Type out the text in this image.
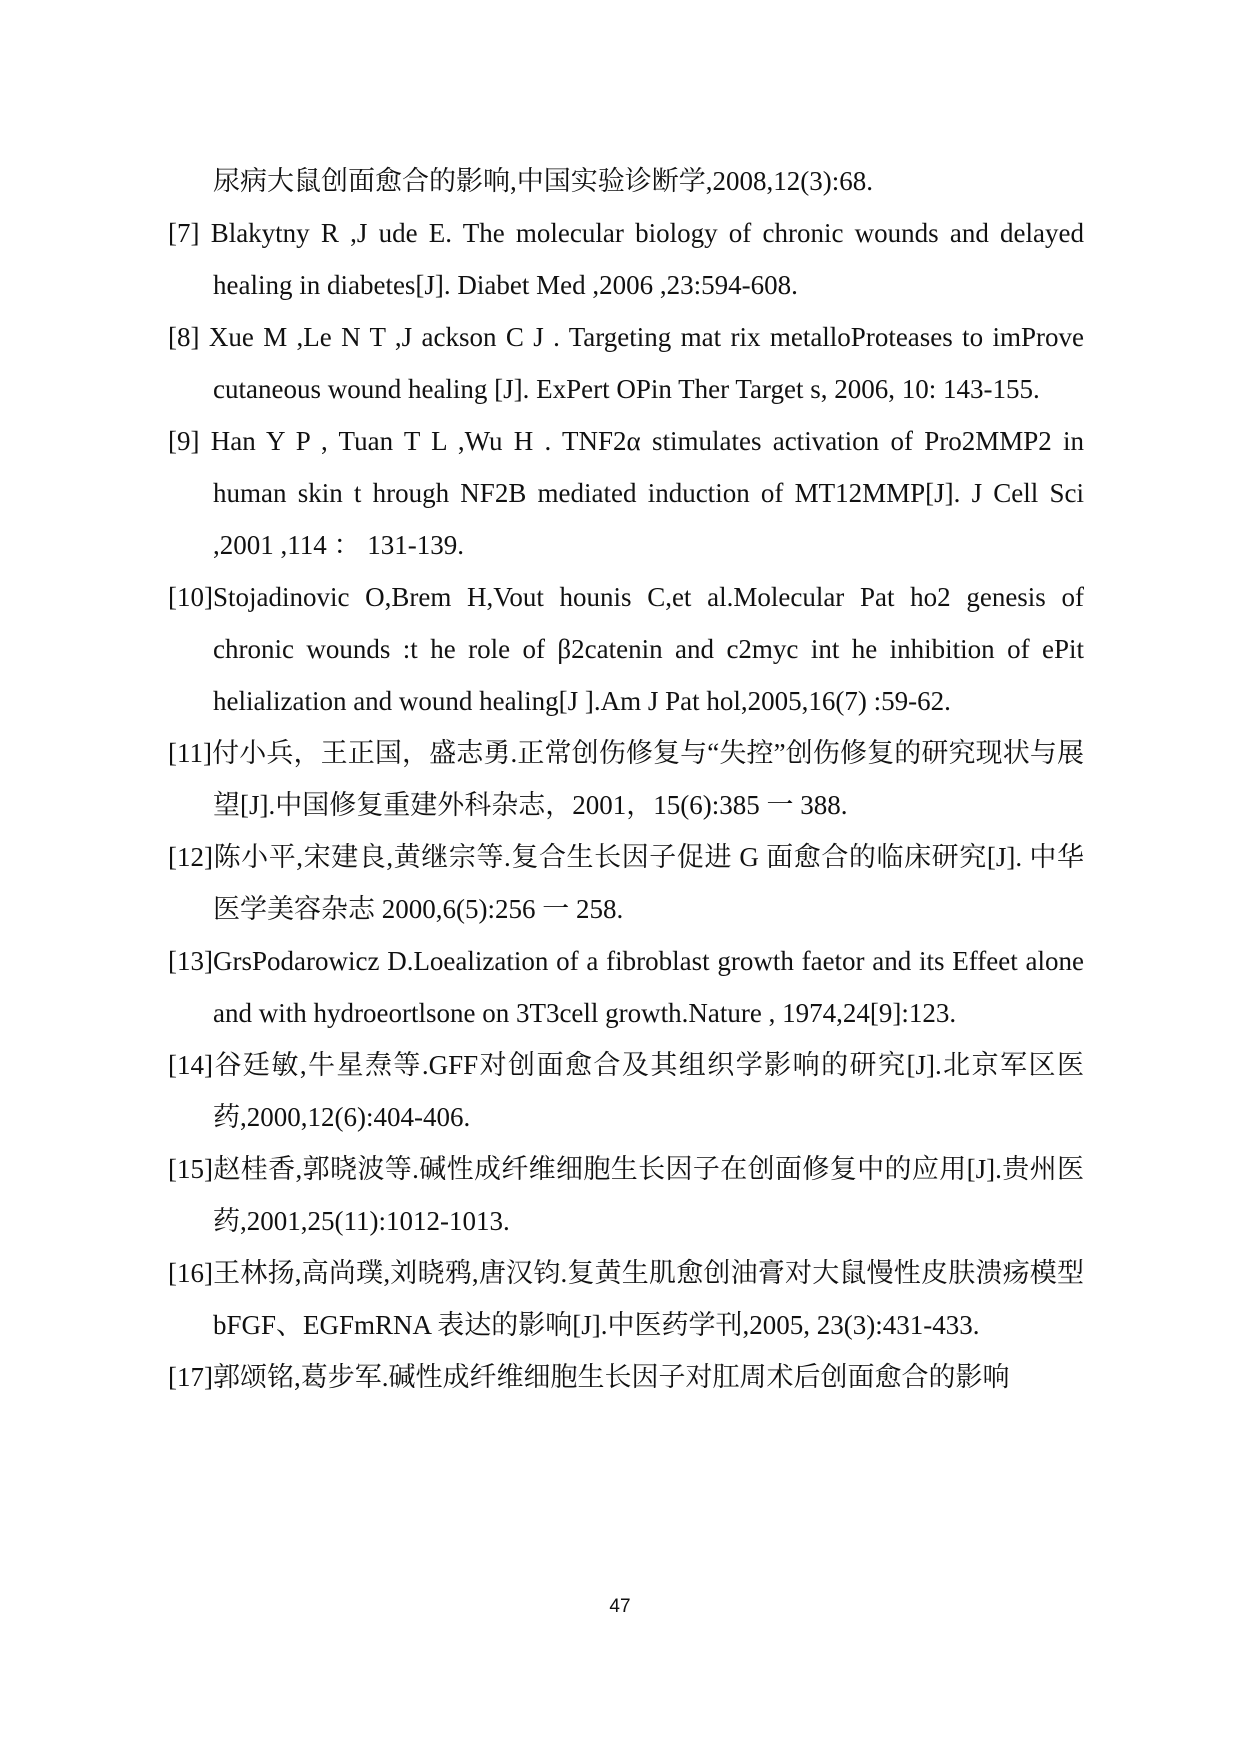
尿病大鼠创面愈合的影响,中国实验诊断学,2008,12(3):68.

[7] Blakytny R ,J ude E. The molecular biology of chronic wounds and delayed healing in diabetes[J]. Diabet Med ,2006 ,23:594-608.

[8] Xue M ,Le N T ,J ackson C J . Targeting mat rix metalloProteases to imProve cutaneous wound healing [J]. ExPert OPin Ther Target s, 2006, 10: 143-155.

[9] Han Y P , Tuan T L ,Wu H . TNF2α stimulates activation of Pro2MMP2 in human skin t hrough NF2B mediated induction of MT12MMP[J]. J Cell Sci ,2001 ,114 ： 131-139.

[10]Stojadinovic O,Brem H,Vout hounis C,et al.Molecular Pat ho2 genesis of chronic wounds :t he role of β2catenin and c2myc int he inhibition of ePit helialization and wound healing[J ].Am J Pat hol,2005,16(7) :59-62.

[11]付小兵，王正国，盛志勇.正常创伤修复与“失控”创伤修复的研究现状与展望[J].中国修复重建外科杂志，2001，15(6):385 一 388.

[12]陈小平,宋建良,黄继宗等.复合生长因子促进 G 面愈合的临床研究[J]. 中华医学美容杂志 2000,6(5):256 一 258.

[13]GrsPodarowicz D.Loealization of a fibroblast growth faetor and its Effeet alone and with hydroeortlsone on 3T3cell growth.Nature , 1974,24[9]:123.

[14]谷廷敏,牛星焘等.GFF对创面愈合及其组织学影响的研究[J].北京军区医药,2000,12(6):404-406.

[15]赵桂香,郭晓波等.碱性成纤维细胞生长因子在创面修复中的应用[J].贵州医药,2001,25(11):1012-1013.

[16]王林扬,高尚璞,刘晓鸦,唐汉钧.复黄生肌愈创油膏对大鼠慢性皮肤溃疡模型 bFGF、EGFmRNA 表达的影响[J].中医药学刊,2005, 23(3):431-433.

[17]郭颂铭,葛步军.碱性成纤维细胞生长因子对肛周术后创面愈合的影响

47
